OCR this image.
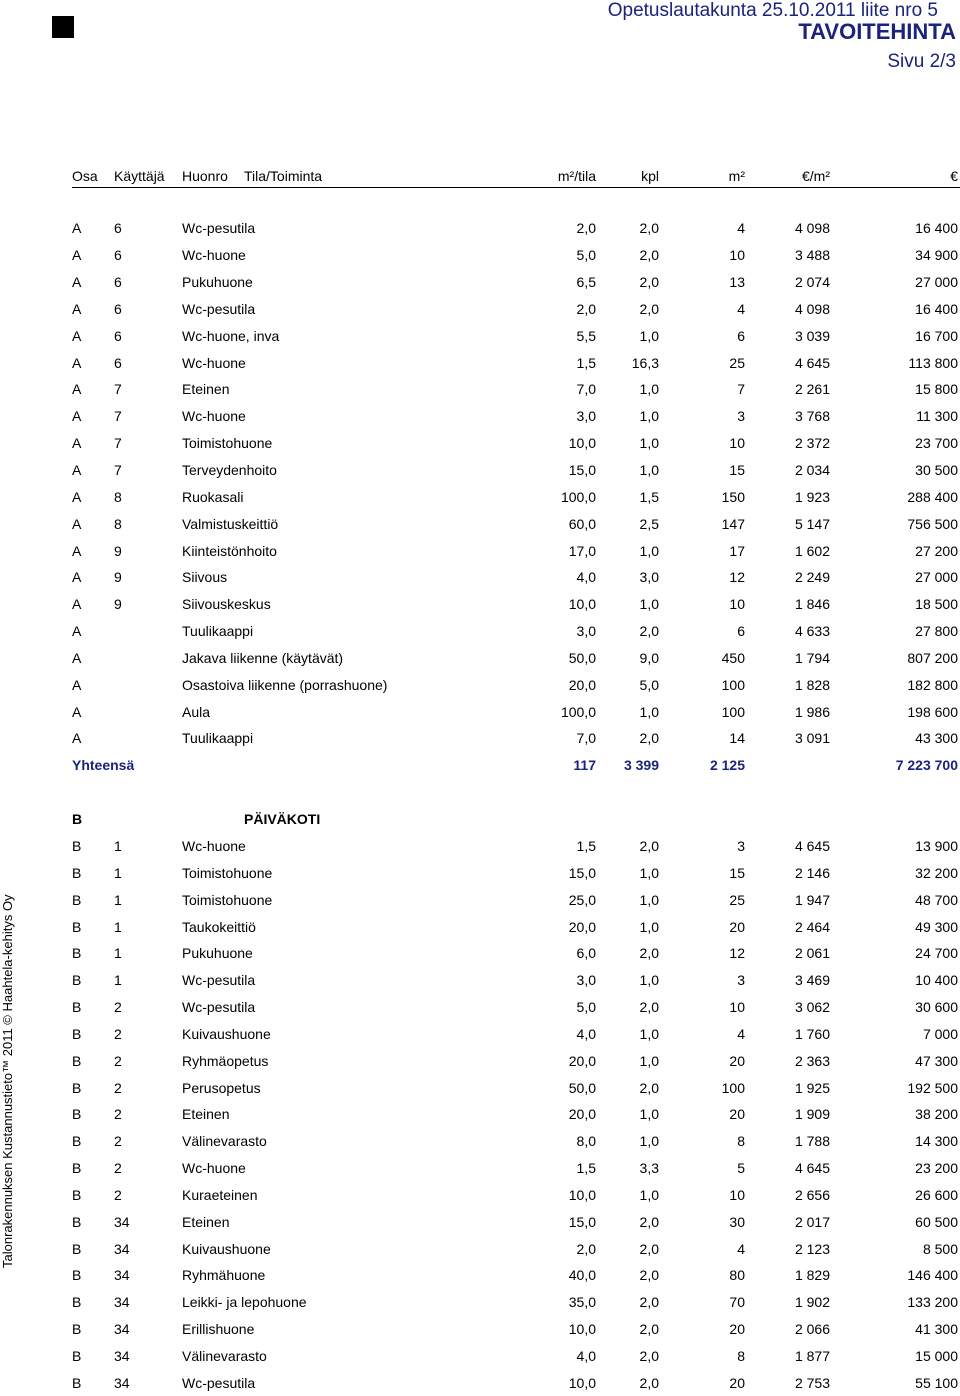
Opetuslautakunta 25.10.2011 liite nro 5
TAVOITEHINTA
Sivu 2/3
Talonrakennuksen Kustannustieto™ 2011 © Haahtela-kehitys Oy
Osa	Käyttäjä	Huonro	Tila/Toiminta	m²/tila	kpl	m²	€/m²	€

A	6	Wc-pesutila		2,0	2,0	4	4 098	16 400
A	6	Wc-huone		5,0	2,0	10	3 488	34 900
A	6	Pukuhuone		6,5	2,0	13	2 074	27 000
A	6	Wc-pesutila		2,0	2,0	4	4 098	16 400
A	6	Wc-huone, inva		5,5	1,0	6	3 039	16 700
A	6	Wc-huone		1,5	16,3	25	4 645	113 800
A	7	Eteinen		7,0	1,0	7	2 261	15 800
A	7	Wc-huone		3,0	1,0	3	3 768	11 300
A	7	Toimistohuone		10,0	1,0	10	2 372	23 700
A	7	Terveydenhoito		15,0	1,0	15	2 034	30 500
A	8	Ruokasali		100,0	1,5	150	1 923	288 400
A	8	Valmistuskeittiö		60,0	2,5	147	5 147	756 500
A	9	Kiinteistönhoito		17,0	1,0	17	1 602	27 200
A	9	Siivous		4,0	3,0	12	2 249	27 000
A	9	Siivouskeskus		10,0	1,0	10	1 846	18 500
A		Tuulikaappi		3,0	2,0	6	4 633	27 800
A		Jakava liikenne (käytävät)		50,0	9,0	450	1 794	807 200
A		Osastoiva liikenne (porrashuone)		20,0	5,0	100	1 828	182 800
A		Aula		100,0	1,0	100	1 986	198 600
A		Tuulikaappi		7,0	2,0	14	3 091	43 300
Yhteensä				117	3 399	2 125		7 223 700

B			PÄIVÄKOTI					
B	1	Wc-huone		1,5	2,0	3	4 645	13 900
B	1	Toimistohuone		15,0	1,0	15	2 146	32 200
B	1	Toimistohuone		25,0	1,0	25	1 947	48 700
B	1	Taukokeittiö		20,0	1,0	20	2 464	49 300
B	1	Pukuhuone		6,0	2,0	12	2 061	24 700
B	1	Wc-pesutila		3,0	1,0	3	3 469	10 400
B	2	Wc-pesutila		5,0	2,0	10	3 062	30 600
B	2	Kuivaushuone		4,0	1,0	4	1 760	7 000
B	2	Ryhmäopetus		20,0	1,0	20	2 363	47 300
B	2	Perusopetus		50,0	2,0	100	1 925	192 500
B	2	Eteinen		20,0	1,0	20	1 909	38 200
B	2	Välinevarasto		8,0	1,0	8	1 788	14 300
B	2	Wc-huone		1,5	3,3	5	4 645	23 200
B	2	Kuraeteinen		10,0	1,0	10	2 656	26 600
B	34	Eteinen		15,0	2,0	30	2 017	60 500
B	34	Kuivaushuone		2,0	2,0	4	2 123	8 500
B	34	Ryhmähuone		40,0	2,0	80	1 829	146 400
B	34	Leikki- ja lepohuone		35,0	2,0	70	1 902	133 200
B	34	Erillishuone		10,0	2,0	20	2 066	41 300
B	34	Välinevarasto		4,0	2,0	8	1 877	15 000
B	34	Wc-pesutila		10,0	2,0	20	2 753	55 100
